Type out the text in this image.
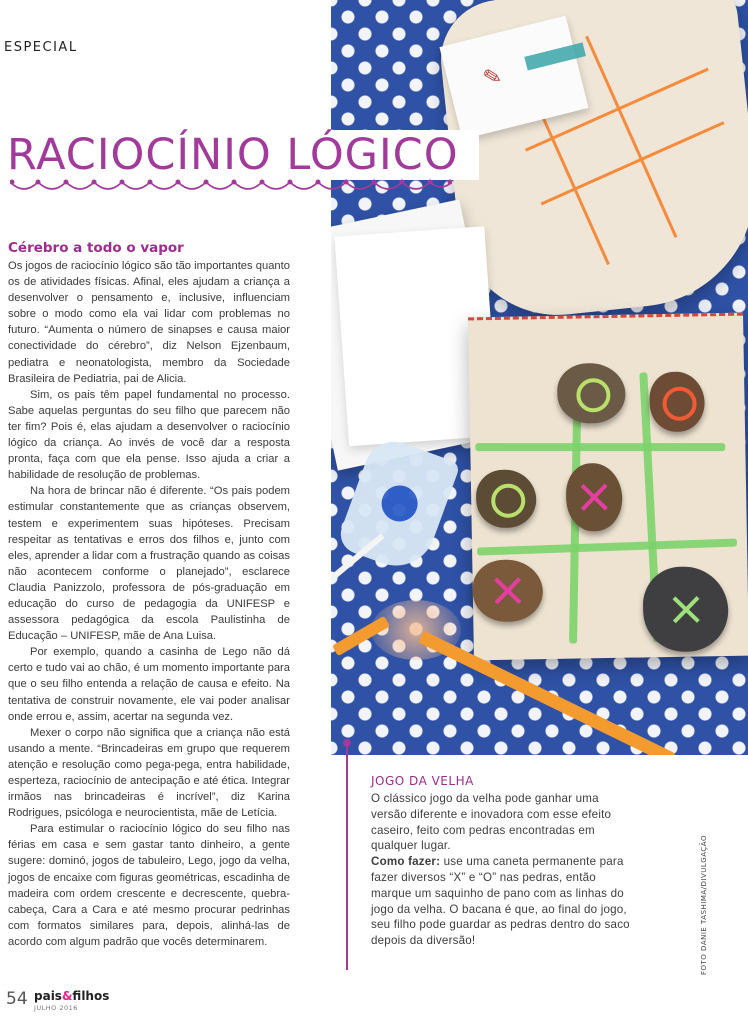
ESPECIAL
✎
RACIOCÍNIO LÓGICO
Cérebro a todo o vapor

Os jogos de raciocínio lógico são tão importantes quanto os de atividades físicas. Afinal, eles ajudam a criança a desenvolver o pensamento e, inclusive, influenciam sobre o modo como ela vai lidar com problemas no futuro. “Aumenta o número de sinapses e causa maior conectividade do cérebro”, diz Nelson Ejzenbaum, pediatra e neonatologista, membro da Sociedade Brasileira de Pediatria, pai de Alicia.

Sim, os pais têm papel fundamental no processo. Sabe aquelas perguntas do seu filho que parecem não ter fim? Pois é, elas ajudam a desenvolver o raciocínio lógico da criança. Ao invés de você dar a resposta pronta, faça com que ela pense. Isso ajuda a criar a habilidade de resolução de problemas.

Na hora de brincar não é diferente. “Os pais podem estimular constantemente que as crianças observem, testem e experimentem suas hipóteses. Precisam respeitar as tentativas e erros dos filhos e, junto com eles, aprender a lidar com a frustração quando as coisas não acontecem conforme o planejado”, esclarece Claudia Panizzolo, professora de pós-graduação em educação do curso de pedagogia da UNIFESP e assessora pedagógica da escola Paulistinha de Educação – UNIFESP, mãe de Ana Luisa.

Por exemplo, quando a casinha de Lego não dá certo e tudo vai ao chão, é um momento importante para que o seu filho entenda a relação de causa e efeito. Na tentativa de construir novamente, ele vai poder analisar onde errou e, assim, acertar na segunda vez.

Mexer o corpo não significa que a criança não está usando a mente. “Brincadeiras em grupo que requerem atenção e resolução como pega-pega, entra habilidade, esperteza, raciocínio de antecipação e até ética. Integrar irmãos nas brincadeiras é incrível”, diz Karina Rodrigues, psicóloga e neurocientista, mãe de Letícia.

Para estimular o raciocínio lógico do seu filho nas férias em casa e sem gastar tanto dinheiro, a gente sugere: dominó, jogos de tabuleiro, Lego, jogo da velha, jogos de encaixe com figuras geométricas, escadinha de madeira com ordem crescente e decrescente, quebra-cabeça, Cara a Cara e até mesmo procurar pedrinhas com formatos similares para, depois, alinhá-las de acordo com algum padrão que vocês determinarem.

JOGO DA VELHA

O clássico jogo da velha pode ganhar uma versão diferente e inovadora com esse efeito caseiro, feito com pedras encontradas em qualquer lugar.

Como fazer: use uma caneta permanente para fazer diversos “X” e “O” nas pedras, então marque um saquinho de pano com as linhas do jogo da velha. O bacana é que, ao final do jogo, seu filho pode guardar as pedras dentro do saco depois da diversão!	FOTO DANIE TASHIMA/DIVULGAÇÃO
54 pais&filhos
JULHO 2016
